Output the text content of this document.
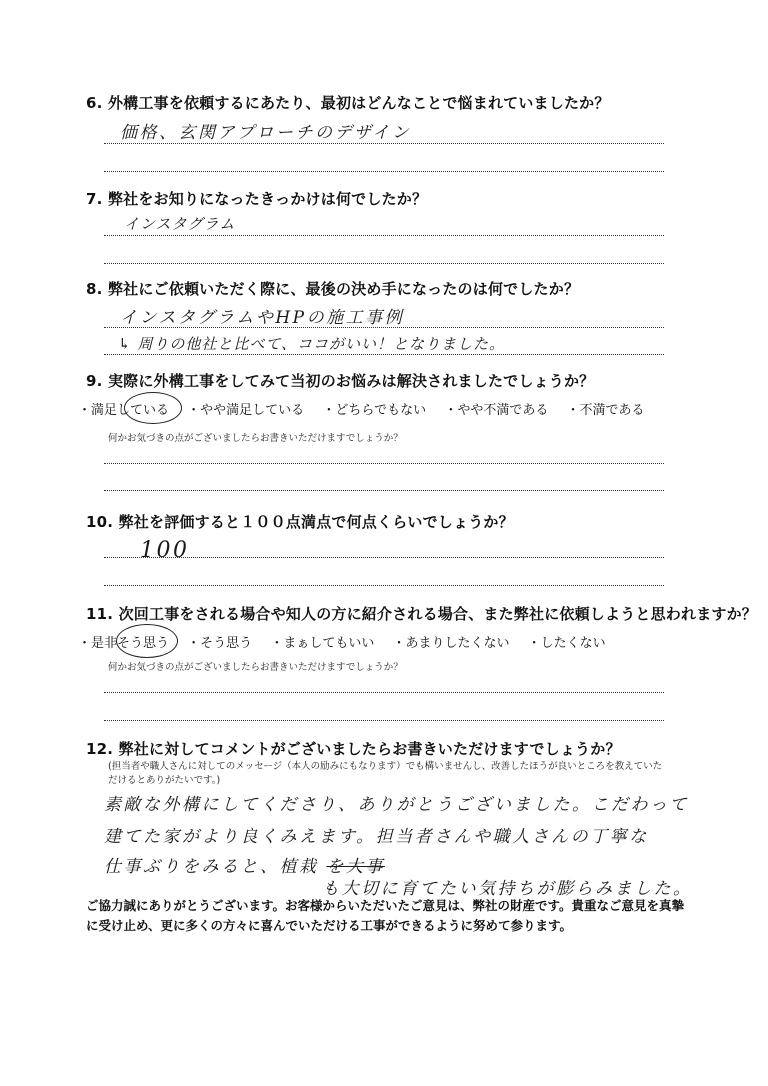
6. 外構工事を依頼するにあたり、最初はどんなことで悩まれていましたか？
価格、玄関アプローチのデザイン
7. 弊社をお知りになったきっかけは何でしたか？
インスタグラム
8. 弊社にご依頼いただく際に、最後の決め手になったのは何でしたか？
インスタグラムやHPの施工事例
↳ 周りの他社と比べて、ココがいい！となりました。
9. 実際に外構工事をしてみて当初のお悩みは解決されましたでしょうか？
・満足している ・やや満足している ・どちらでもない ・やや不満である ・不満である
何かお気づきの点がございましたらお書きいただけますでしょうか？
10. 弊社を評価すると１００点満点で何点くらいでしょうか？
100
11. 次回工事をされる場合や知人の方に紹介される場合、また弊社に依頼しようと思われますか？
・是非そう思う ・そう思う ・まぁしてもいい ・あまりしたくない ・したくない
何かお気づきの点がございましたらお書きいただけますでしょうか？
12. 弊社に対してコメントがございましたらお書きいただけますでしょうか？
(担当者や職人さんに対してのメッセージ（本人の励みにもなります）でも構いませんし、改善したほうが良いところを教えていただけるとありがたいです。)
素敵な外構にしてくださり、ありがとうございました。こだわって
建てた家がより良くみえます。担当者さんや職人さんの丁寧な
仕事ぶりをみると、植栽 を大事
も大切に育てたい気持ちが膨らみました。
ご協力誠にありがとうございます。お客様からいただいたご意見は、弊社の財産です。貴重なご意見を真摯に受け止め、更に多くの方々に喜んでいただける工事ができるように努めて参ります。
